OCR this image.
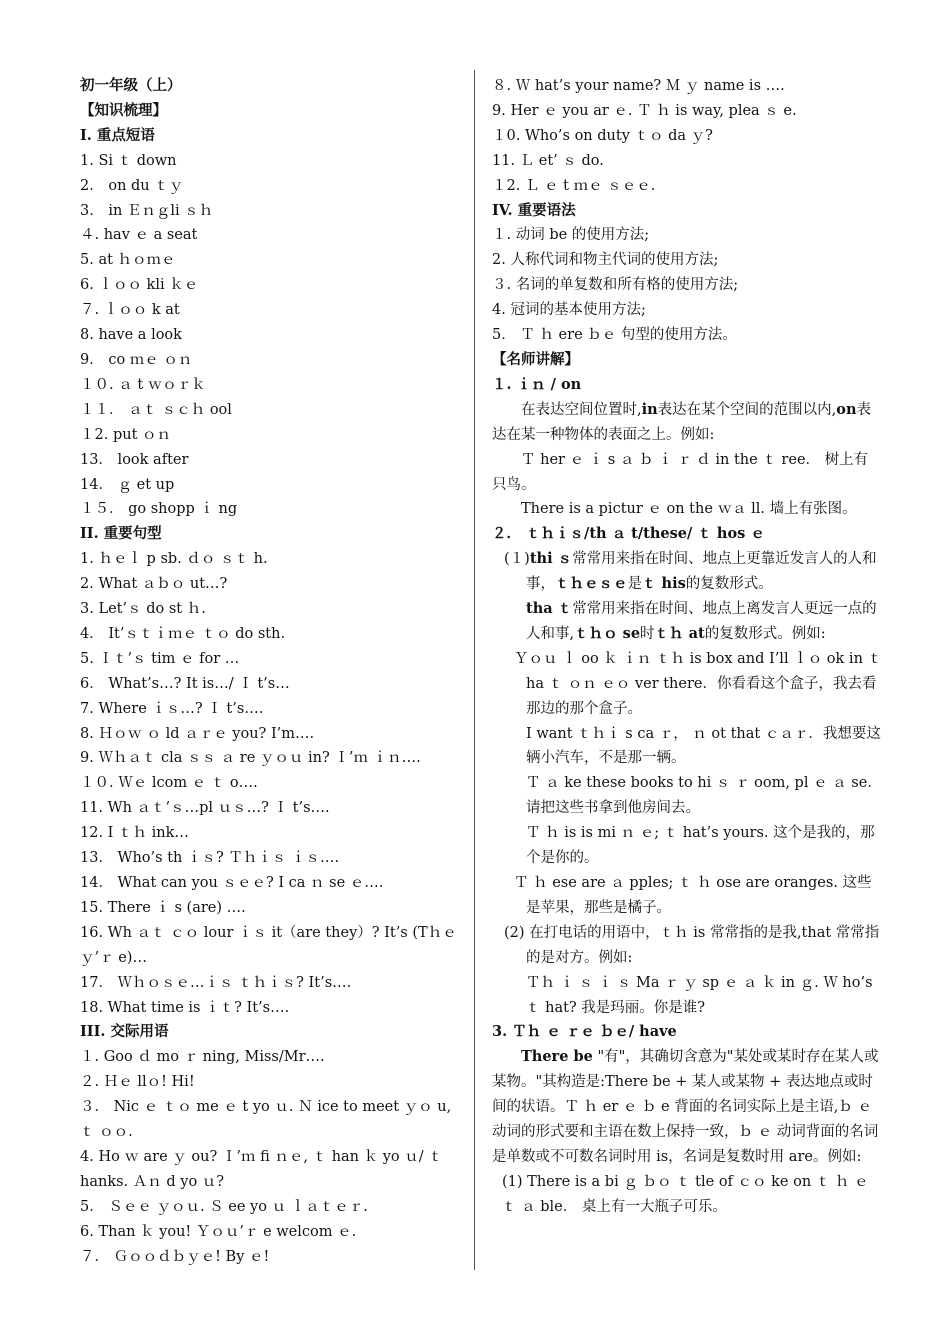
初一年级（上）
【知识梳理】
Ⅰ. 重点短语
1. Si ｔ down
2． on du ｔｙ
3． in Ｅｎｇli ｓｈ
４. hav ｅ a seat
5. at ｈｏｍｅ
6. ｌｏｏ kli ｋｅ
７. ｌｏｏ k at
8. have a look
9． co ｍｅ ｏｎ
１０. ａ t ｗｏｒｋ
１１． ａｔ ｓｃｈ ool
１2. put ｏｎ
13． look after
14． ｇ et up
１５． go shopp ｉ ng
II. 重要句型
1. ｈｅｌ p sb. ｄｏ ｓｔ h.
2. What ａｂｏ ut…?
3. Let’ｓ do st ｈ.
4． It’ｓｔｉｍｅ ｔｏ do sth.
5. Ｉｔ’ｓ tim ｅ for …
6． What’s…? It is…/ Ｉ t’s…
7. Where ｉｓ…? Ｉ t’s….
8. Ｈｏｗ ｏ ld ａｒｅ you? I’m….
9. Ｗｈａｔ cla ｓｓ ａ re ｙｏｕ in? Ｉ’ｍ ｉｎ….
１０. Ｗｅ lcom ｅ ｔ o….
11. Wh ａｔ’ｓ…pl ｕｓ…? Ｉ t’s….
12. I ｔｈ ink…
13． Who’s th ｉｓ? Ｔｈｉｓ ｉｓ….
14． What can you ｓｅｅ? I ca ｎ se ｅ….
15. There ｉ s (are) ….
16. Wh ａｔ ｃｏ lour ｉｓ it（are they）? It’s (Tｈｅｙ’ｒ e)…
17． Ｗｈｏｓｅ…ｉｓ ｔｈｉｓ? It’s….
18. What time is ｉｔ? It’s….
III. 交际用语
１. Goo ｄ mo ｒ ning, Miss/Mr….
２. Ｈｅ llｏ! Hi!
３． Nic ｅ ｔｏ me ｅ t yo ｕ. Ｎ ice to meet ｙｏ u, ｔ ｏｏ.
4. Ho ｗ are ｙ ou? Ｉ’ｍ fi ｎｅ, ｔ han ｋ yo ｕ/ ｔ hanks. Ａｎ d yo ｕ?
5． Ｓｅｅ ｙｏｕ. Ｓ ee yo ｕ ｌａｔｅｒ.
6. Than ｋ you! Ｙｏｕ’ｒ e welcom ｅ.
７． Ｇｏｏｄｂｙｅ! By ｅ!
８. Ｗ hat’s your name? Ｍ ｙ name is ….
9. Her ｅ you ar ｅ. Ｔ ｈ is way, plea ｓ e.
１0. Who’s on duty ｔｏ da ｙ?
11. Ｌ et’ ｓ do.
１2. Ｌ ｅ t ｍｅ ｓｅｅ.
IV. 重要语法
１. 动词 be 的使用方法;
2. 人称代词和物主代词的使用方法;
３. 名词的单复数和所有格的使用方法;
4. 冠词的基本使用方法;
5． Ｔ ｈ ere ｂｅ 句型的使用方法。
【名师讲解】
１. ｉｎ / on
在表达空间位置时,in表达在某个空间的范围以内,on表达在某一种物体的表面之上。例如:
Ｔ her ｅ ｉ s ａ ｂ ｉ ｒ ｄ in the ｔ ree． 树上有只鸟。
There is a pictur ｅ on the ｗａ ll. 墙上有张图。
２． ｔｈｉｓ/th ａ t/these/ ｔ hos ｅ
(１)thi ｓ常常用来指在时间、地点上更靠近发言人的人和事，ｔｈｅｓｅ是ｔ his的复数形式。
tha ｔ常常用来指在时间、地点上离发言人更远一点的人和事,ｔｈｏ se时ｔｈ at的复数形式。例如:
Ｙｏｕ ｌ oo ｋ ｉｎ ｔｈ is box and I’ll ｌｏ ok in ｔ ha ｔ ｏｎ ｅｏ ver there．你看看这个盒子，我去看那边的那个盒子。
I want ｔｈｉ s ca ｒ， ｎ ot that ｃａｒ．我想要这辆小汽车，不是那一辆。
Ｔ ａ ke these books to hi ｓ ｒ oom, pl ｅ ａ se． 请把这些书拿到他房间去。
Ｔ ｈ is is mi ｎ ｅ; ｔ hat’s yours. 这个是我的，那个是你的。
Ｔ ｈ ese are ａ pples; ｔ ｈ ose are oranges. 这些是苹果，那些是橘子。
(2) 在打电话的用语中，ｔｈ is 常常指的是我,that 常常指的是对方。例如:
Ｔｈ ｉ ｓ ｉ ｓ Ma ｒ ｙ sp ｅ ａ ｋ in ｇ. Ｗ ho’s ｔ hat? 我是玛丽。你是谁?
3. Ｔｈ ｅ ｒｅ ｂｅ/ have
There be "有"，其确切含意为"某处或某时存在某人或某物。"其构造是:There be + 某人或某物 + 表达地点或时间的状语。Ｔ ｈ er ｅ ｂ e 背面的名词实际上是主语,ｂ ｅ 动词的形式要和主语在数上保持一致，ｂ ｅ 动词背面的名词是单数或不可数名词时用 is，名词是复数时用 are。例如:
(1) There is a bi ｇ ｂｏ ｔ tle of ｃｏ ke on ｔ ｈ ｅ ｔ ａ ble． 桌上有一大瓶子可乐。
